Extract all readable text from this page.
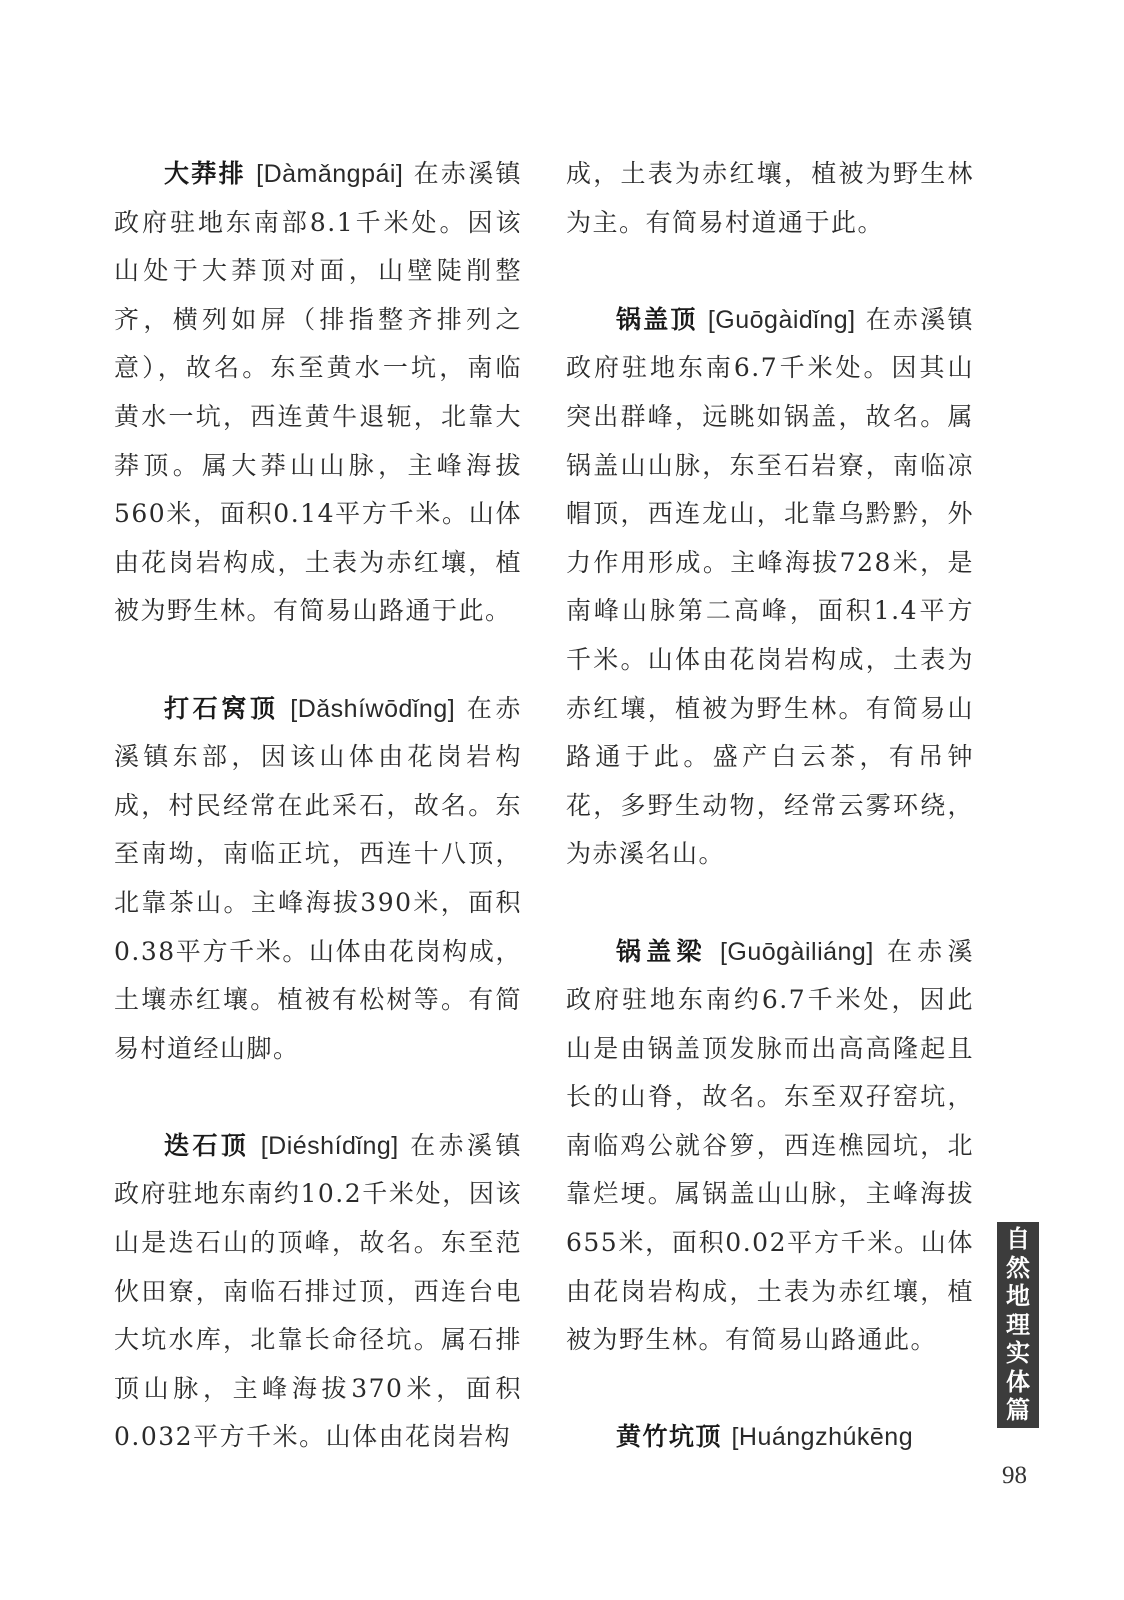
大莽排 [Dàmǎngpái] 在赤溪镇政府驻地东南部8.1千米处。因该山处于大莽顶对面，山壁陡削整齐，横列如屏（排指整齐排列之意），故名。东至黄水一坑，南临黄水一坑，西连黄牛退轭，北靠大莽顶。属大莽山山脉，主峰海拔560米，面积0.14平方千米。山体由花岗岩构成，土表为赤红壤，植被为野生林。有简易山路通于此。

打石窝顶 [Dǎshíwōdǐng] 在赤溪镇东部，因该山体由花岗岩构成，村民经常在此采石，故名。东至南坳，南临正坑，西连十八顶，北靠茶山。主峰海拔390米，面积0.38平方千米。山体由花岗构成，土壤赤红壤。植被有松树等。有简易村道经山脚。

迭石顶 [Diéshídǐng] 在赤溪镇政府驻地东南约10.2千米处，因该山是迭石山的顶峰，故名。东至范伙田寮，南临石排过顶，西连台电大坑水库，北靠长命径坑。属石排顶山脉，主峰海拔370米，面积0.032平方千米。山体由花岗岩构

成，土表为赤红壤，植被为野生林为主。有简易村道通于此。

锅盖顶 [Guōgàidǐng] 在赤溪镇政府驻地东南6.7千米处。因其山突出群峰，远眺如锅盖，故名。属锅盖山山脉，东至石岩寮，南临凉帽顶，西连龙山，北靠乌黔黔，外力作用形成。主峰海拔728米，是南峰山脉第二高峰，面积1.4平方千米。山体由花岗岩构成，土表为赤红壤，植被为野生林。有简易山路通于此。盛产白云茶，有吊钟花，多野生动物，经常云雾环绕，为赤溪名山。

锅盖梁 [Guōgàiliáng] 在赤溪政府驻地东南约6.7千米处，因此山是由锅盖顶发脉而出高高隆起且长的山脊，故名。东至双孖窑坑，南临鸡公就谷箩，西连樵园坑，北靠烂埂。属锅盖山山脉，主峰海拔655米，面积0.02平方千米。山体由花岗岩构成，土表为赤红壤，植被为野生林。有简易山路通此。

黄竹坑顶 [Huángzhúkēng

自
然
地
理
实
体
篇
98
